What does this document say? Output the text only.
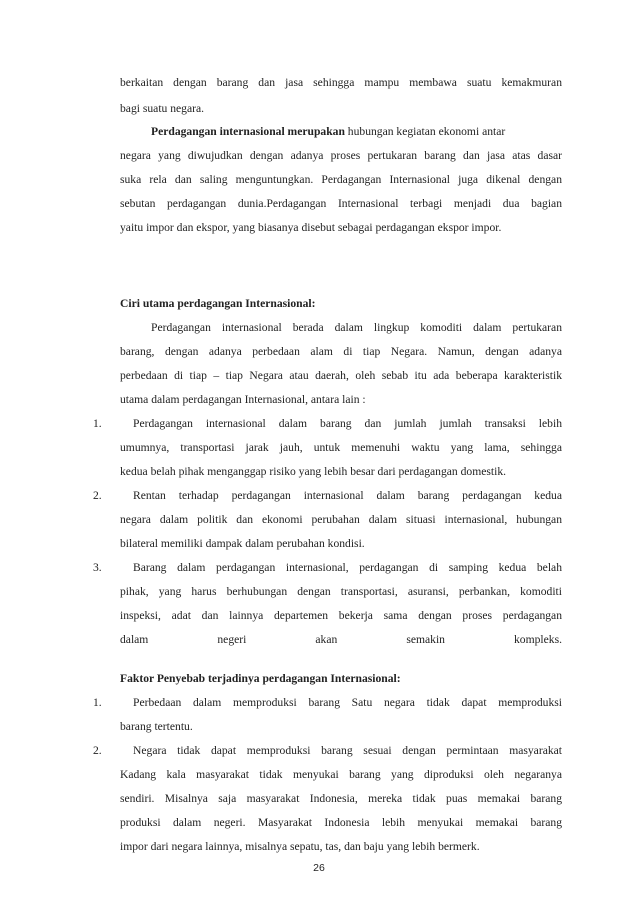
berkaitan dengan barang dan jasa sehingga mampu membawa suatu kemakmuran
bagi suatu negara.
Perdagangan internasional merupakan hubungan kegiatan ekonomi antar
negara yang diwujudkan dengan adanya proses pertukaran barang dan jasa atas dasar
suka rela dan saling menguntungkan. Perdagangan Internasional juga dikenal dengan
sebutan perdagangan dunia.Perdagangan Internasional terbagi menjadi dua bagian
yaitu impor dan ekspor, yang biasanya disebut sebagai perdagangan ekspor impor.
Ciri utama perdagangan Internasional:
Perdagangan internasional berada dalam lingkup komoditi dalam pertukaran
barang, dengan adanya perbedaan alam di tiap Negara. Namun, dengan adanya
perbedaan di tiap – tiap Negara atau daerah, oleh sebab itu ada beberapa karakteristik
utama dalam perdagangan Internasional, antara lain :
1.	Perdagangan internasional dalam barang dan jumlah jumlah transaksi lebih
umumnya, transportasi jarak jauh, untuk memenuhi waktu yang lama, sehingga
kedua belah pihak menganggap risiko yang lebih besar dari perdagangan domestik.
2.	Rentan terhadap perdagangan internasional dalam barang perdagangan kedua
negara dalam politik dan ekonomi perubahan dalam situasi internasional, hubungan
bilateral memiliki dampak dalam perubahan kondisi.
3.	Barang dalam perdagangan internasional, perdagangan di samping kedua belah
pihak, yang harus berhubungan dengan transportasi, asuransi, perbankan, komoditi
inspeksi, adat dan lainnya departemen bekerja sama dengan proses perdagangan
dalam negeri akan semakin kompleks.
Faktor Penyebab terjadinya perdagangan Internasional:
1.	Perbedaan dalam memproduksi barang Satu negara tidak dapat memproduksi
barang tertentu.
2.	Negara tidak dapat memproduksi barang sesuai dengan permintaan masyarakat
Kadang kala masyarakat tidak menyukai barang yang diproduksi oleh negaranya
sendiri. Misalnya saja masyarakat Indonesia, mereka tidak puas memakai barang
produksi dalam negeri. Masyarakat Indonesia lebih menyukai memakai barang
impor dari negara lainnya, misalnya sepatu, tas, dan baju yang lebih bermerk.
26
